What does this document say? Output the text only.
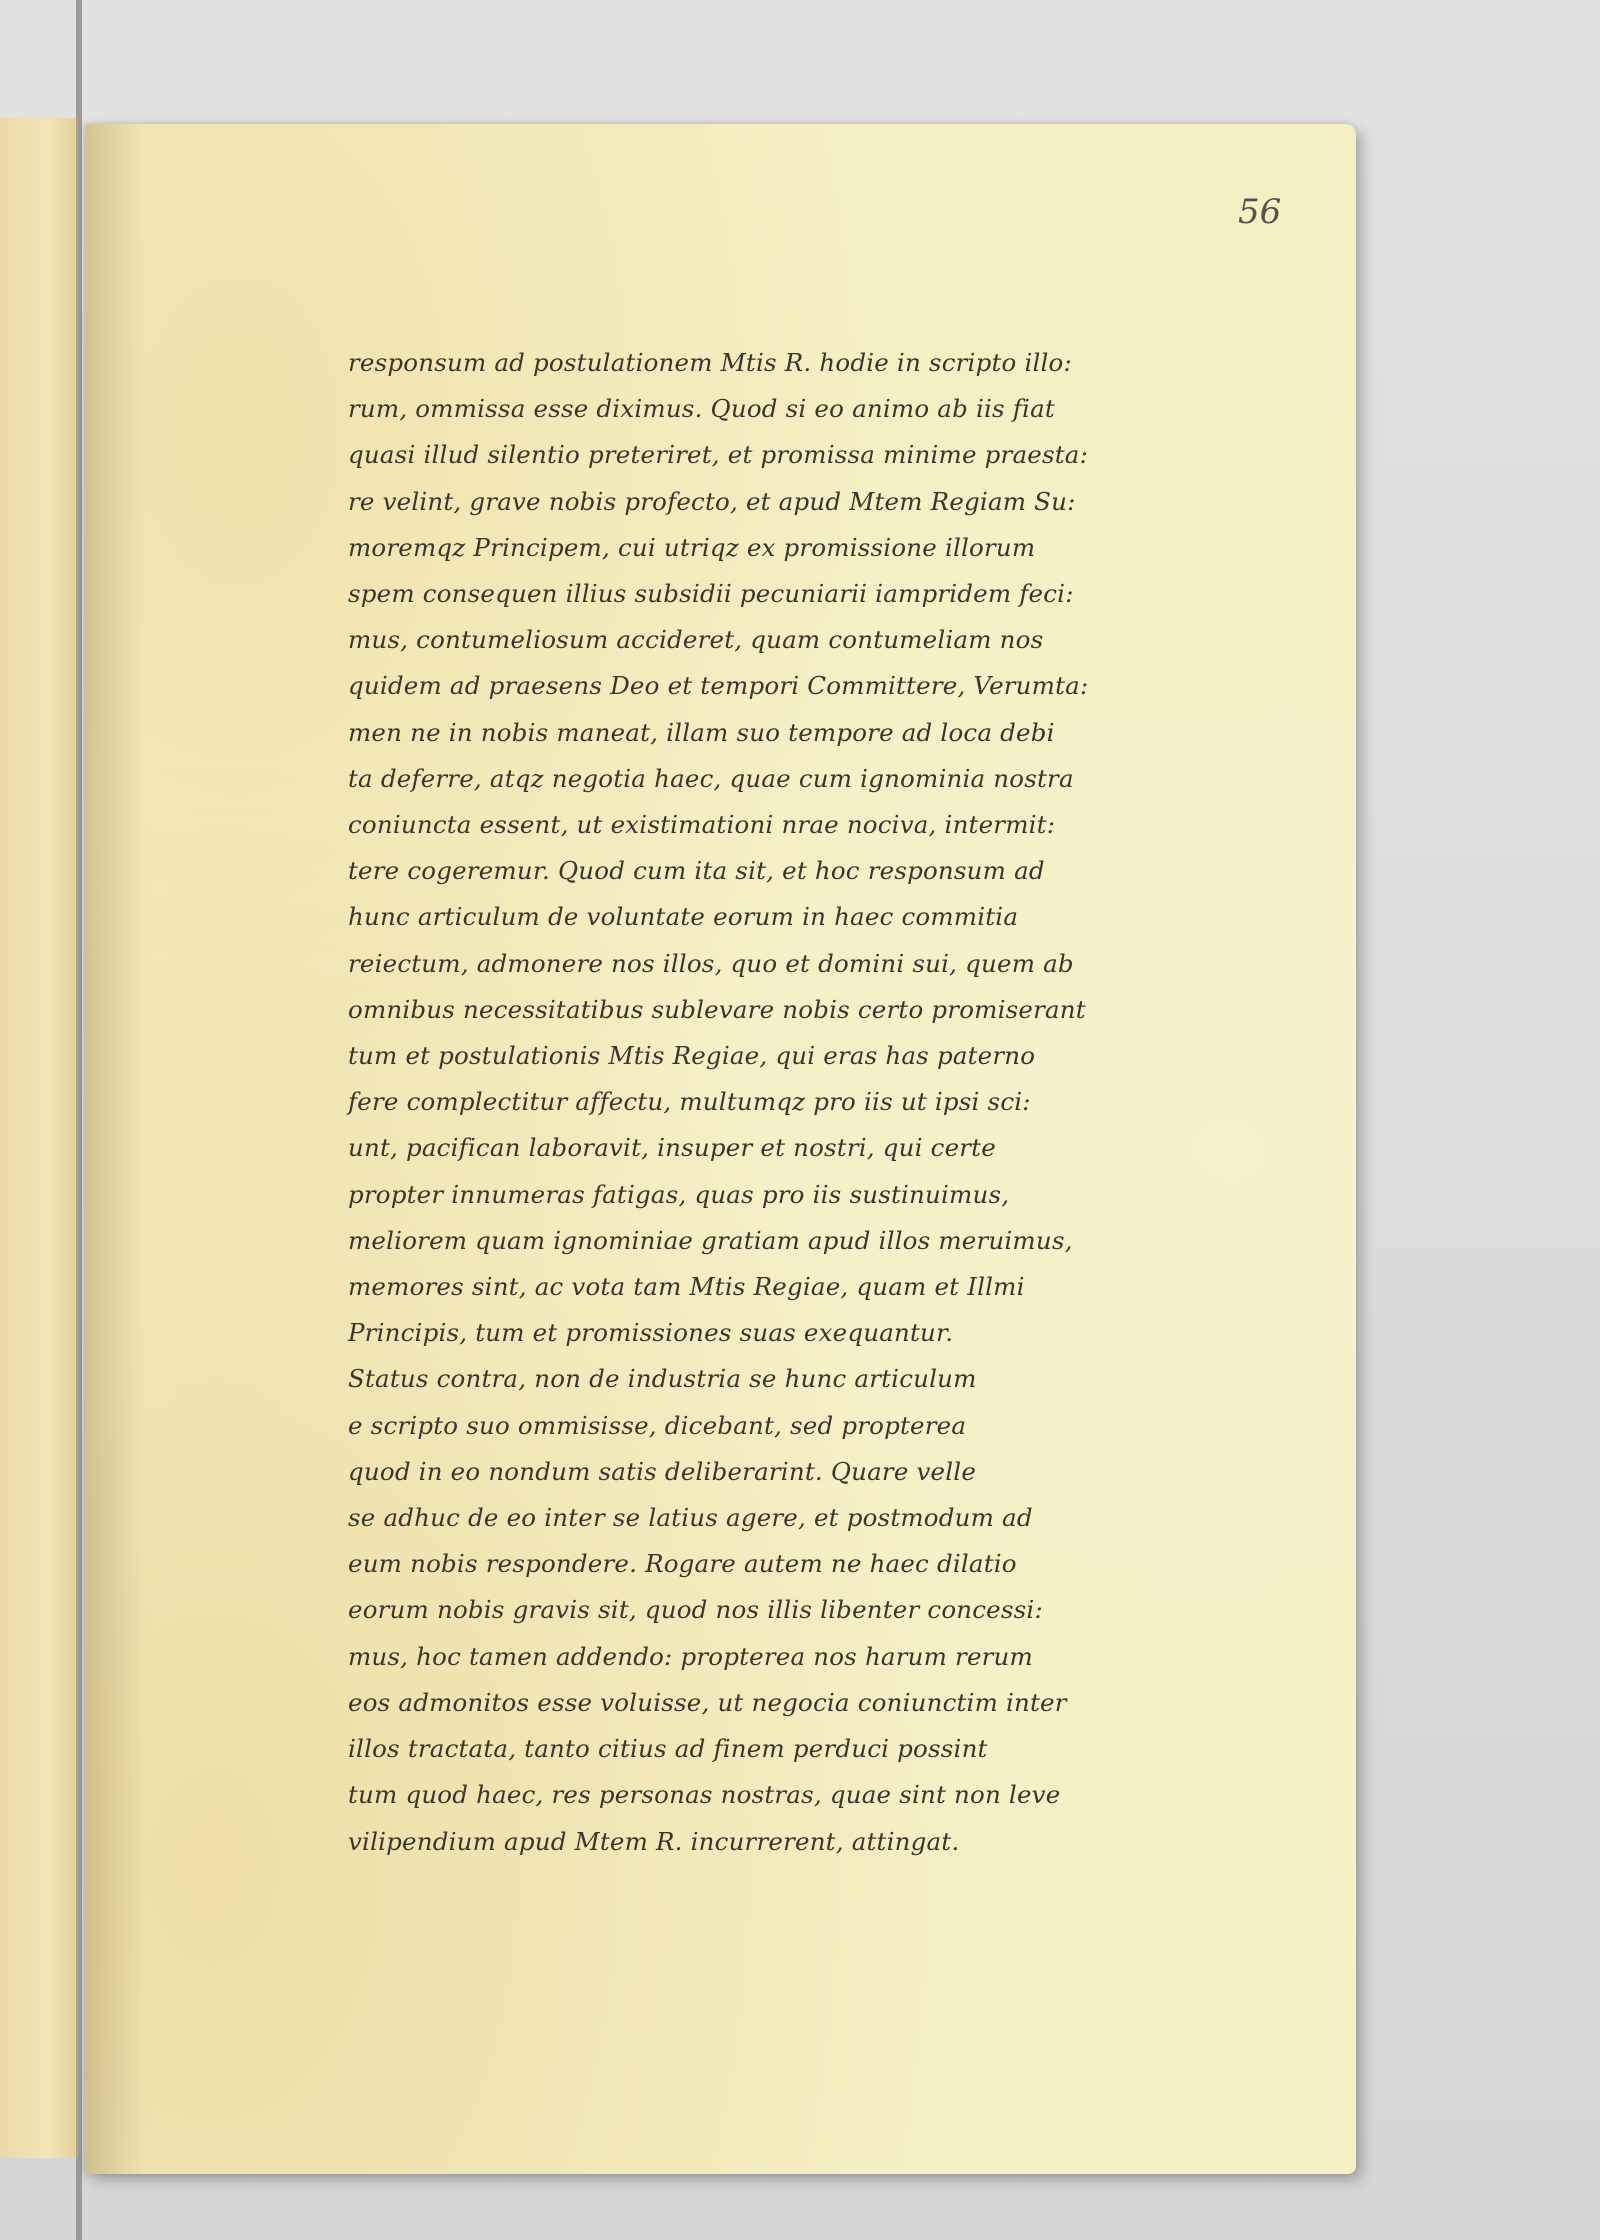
56
responsum ad postulationem Mtis R. hodie in scripto illo:
rum, ommissa esse diximus. Quod si eo animo ab iis fiat
quasi illud silentio preteriret, et promissa minime praesta:
re velint, grave nobis profecto, et apud Mtem Regiam Su:
moremqz Principem, cui utriqz ex promissione illorum
spem consequen illius subsidii pecuniarii iampridem feci:
mus, contumeliosum accideret, quam contumeliam nos
quidem ad praesens Deo et tempori Committere, Verumta:
men ne in nobis maneat, illam suo tempore ad loca debi
ta deferre, atqz negotia haec, quae cum ignominia nostra
coniuncta essent, ut existimationi nrae nociva, intermit:
tere cogeremur. Quod cum ita sit, et hoc responsum ad
hunc articulum de voluntate eorum in haec commitia
reiectum, admonere nos illos, quo et domini sui, quem ab
omnibus necessitatibus sublevare nobis certo promiserant
tum et postulationis Mtis Regiae, qui eras has paterno
fere complectitur affectu, multumqz pro iis ut ipsi sci:
unt, pacifican laboravit, insuper et nostri, qui certe
propter innumeras fatigas, quas pro iis sustinuimus,
meliorem quam ignominiae gratiam apud illos meruimus,
memores sint, ac vota tam Mtis Regiae, quam et Illmi
Principis, tum et promissiones suas exequantur.
Status contra, non de industria se hunc articulum
e scripto suo ommisisse, dicebant, sed propterea
quod in eo nondum satis deliberarint. Quare velle
se adhuc de eo inter se latius agere, et postmodum ad
eum nobis respondere. Rogare autem ne haec dilatio
eorum nobis gravis sit, quod nos illis libenter concessi:
mus, hoc tamen addendo: propterea nos harum rerum
eos admonitos esse voluisse, ut negocia coniunctim inter
illos tractata, tanto citius ad finem perduci possint
tum quod haec, res personas nostras, quae sint non leve
vilipendium apud Mtem R. incurrerent, attingat.
